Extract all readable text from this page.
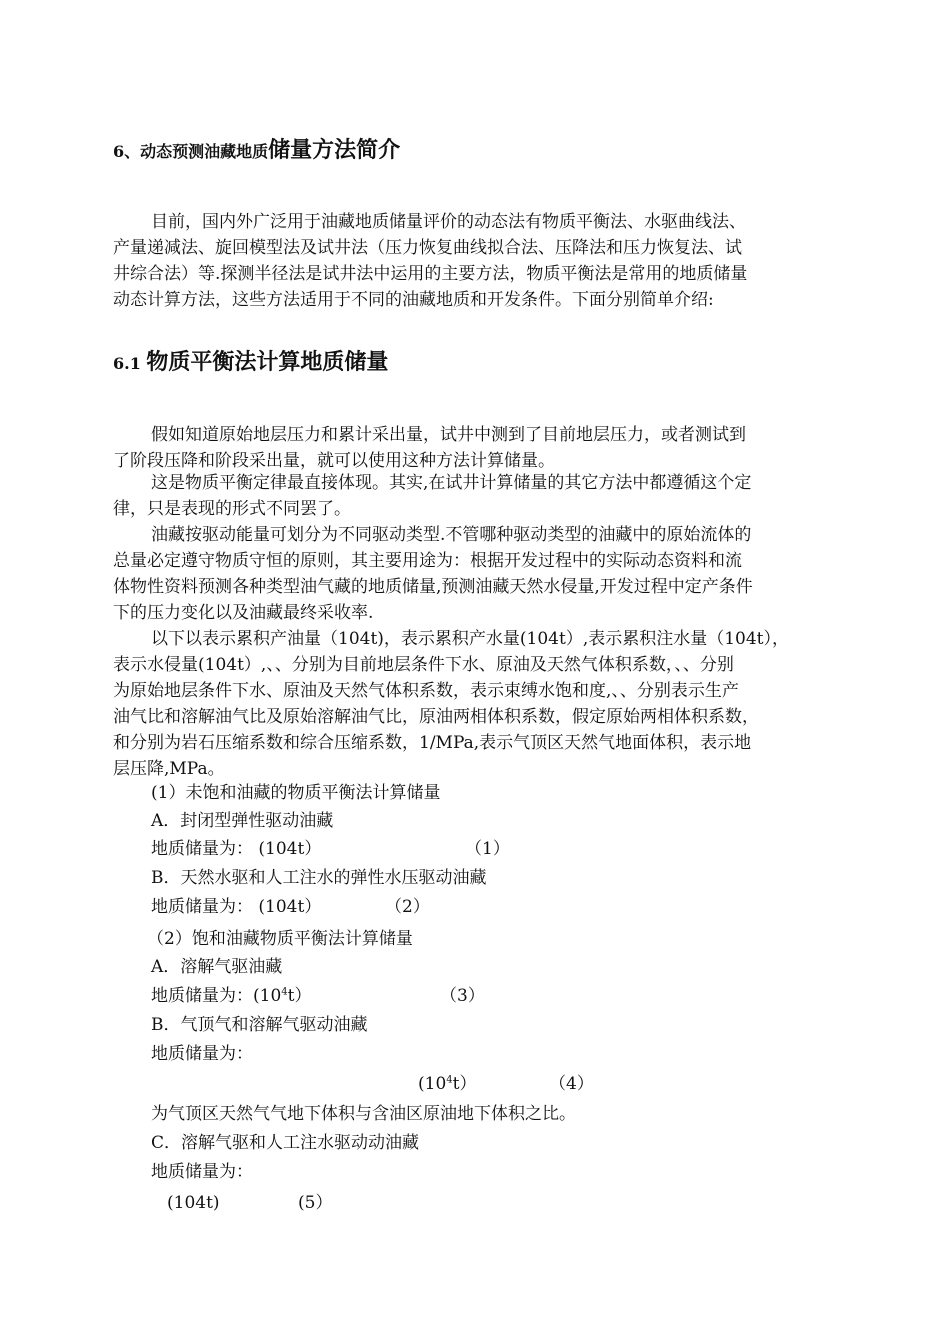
6、动态预测油藏地质储量方法简介
目前，国内外广泛用于油藏地质储量评价的动态法有物质平衡法、水驱曲线法、
产量递减法、旋回模型法及试井法（压力恢复曲线拟合法、压降法和压力恢复法、试
井综合法）等.探测半径法是试井法中运用的主要方法，物质平衡法是常用的地质储量
动态计算方法，这些方法适用于不同的油藏地质和开发条件。下面分别简单介绍:
6.1 物质平衡法计算地质储量
假如知道原始地层压力和累计采出量，试井中测到了目前地层压力，或者测试到
了阶段压降和阶段采出量，就可以使用这种方法计算储量。
这是物质平衡定律最直接体现。其实,在试井计算储量的其它方法中都遵循这个定
律，只是表现的形式不同罢了。
油藏按驱动能量可划分为不同驱动类型.不管哪种驱动类型的油藏中的原始流体的
总量必定遵守物质守恒的原则，其主要用途为：根据开发过程中的实际动态资料和流
体物性资料预测各种类型油气藏的地质储量,预测油藏天然水侵量,开发过程中定产条件
下的压力变化以及油藏最终采收率.
以下以表示累积产油量（104t)，表示累积产水量(104t）,表示累积注水量（104t），
表示水侵量(104t）,、、分别为目前地层条件下水、原油及天然气体积系数，、、分别
为原始地层条件下水、原油及天然气体积系数，表示束缚水饱和度,、、分别表示生产
油气比和溶解油气比及原始溶解油气比，原油两相体积系数，假定原始两相体积系数，
和分别为岩石压缩系数和综合压缩系数，1/MPa,表示气顶区天然气地面体积，表示地
层压降,MPa。
(1）未饱和油藏的物质平衡法计算储量
A．封闭型弹性驱动油藏
地质储量为： (104t）	（1）
B．天然水驱和人工注水的弹性水压驱动油藏
地质储量为： (104t）	（2）
（2）饱和油藏物质平衡法计算储量
A．溶解气驱油藏
地质储量为：$(10^4t)$	（3）
B．气顶气和溶解气驱动油藏
地质储量为：
$(10^4t)$	（4）
为气顶区天然气气地下体积与含油区原油地下体积之比。
C．溶解气驱和人工注水驱动动油藏
地质储量为：
(104t)	(5）
